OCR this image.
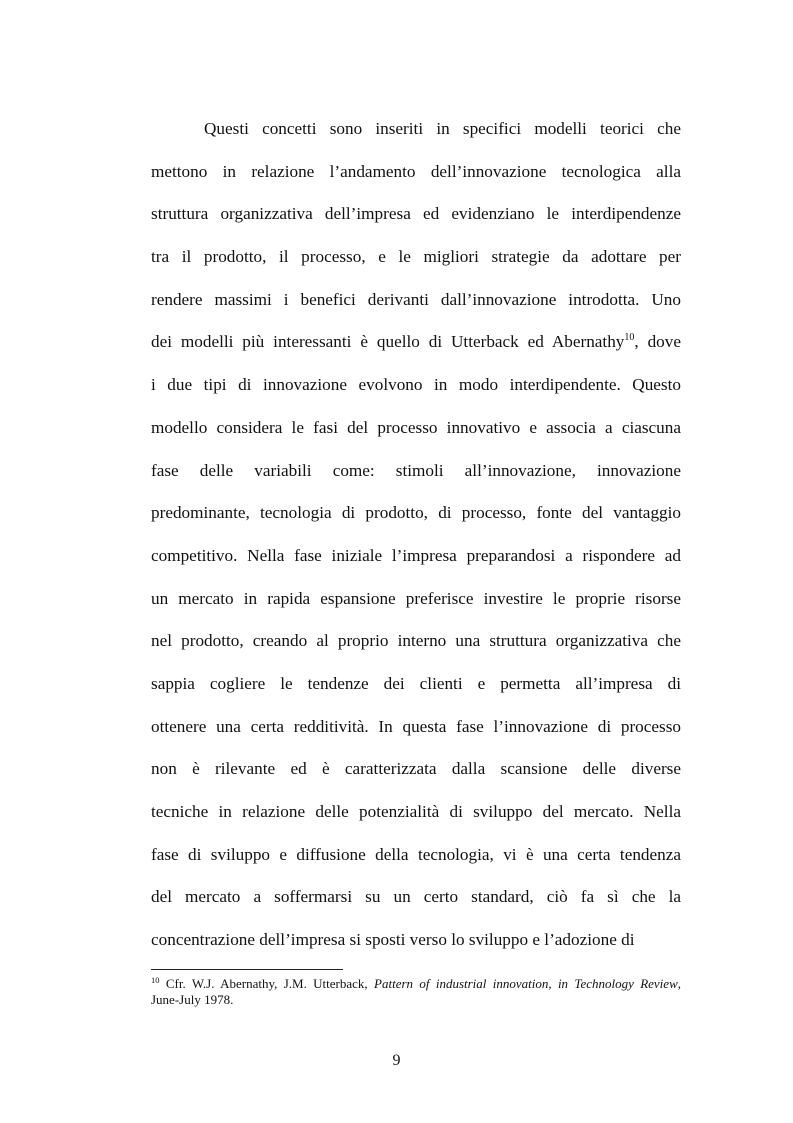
Questi concetti sono inseriti in specifici modelli teorici che
mettono in relazione l’andamento dell’innovazione tecnologica alla
struttura organizzativa dell’impresa ed evidenziano le interdipendenze
tra il prodotto, il processo, e le migliori strategie da adottare per
rendere massimi i benefici derivanti dall’innovazione introdotta. Uno
dei modelli più interessanti è quello di Utterback ed Abernathy$^{10}$, dove
i due tipi di innovazione evolvono in modo interdipendente. Questo
modello considera le fasi del processo innovativo e associa a ciascuna
fase delle variabili come: stimoli all’innovazione, innovazione
predominante, tecnologia di prodotto, di processo, fonte del vantaggio
competitivo. Nella fase iniziale l’impresa preparandosi a rispondere ad
un mercato in rapida espansione preferisce investire le proprie risorse
nel prodotto, creando al proprio interno una struttura organizzativa che
sappia cogliere le tendenze dei clienti e permetta all’impresa di
ottenere una certa redditività. In questa fase l’innovazione di processo
non è rilevante ed è caratterizzata dalla scansione delle diverse
tecniche in relazione delle potenzialità di sviluppo del mercato. Nella
fase di sviluppo e diffusione della tecnologia, vi è una certa tendenza
del mercato a soffermarsi su un certo standard, ciò fa sì che la
concentrazione dell’impresa si sposti verso lo sviluppo e l’adozione di
$^{10}$ Cfr. W.J. Abernathy, J.M. Utterback, Pattern of industrial innovation, in Technology Review,
June-July 1978.
9
